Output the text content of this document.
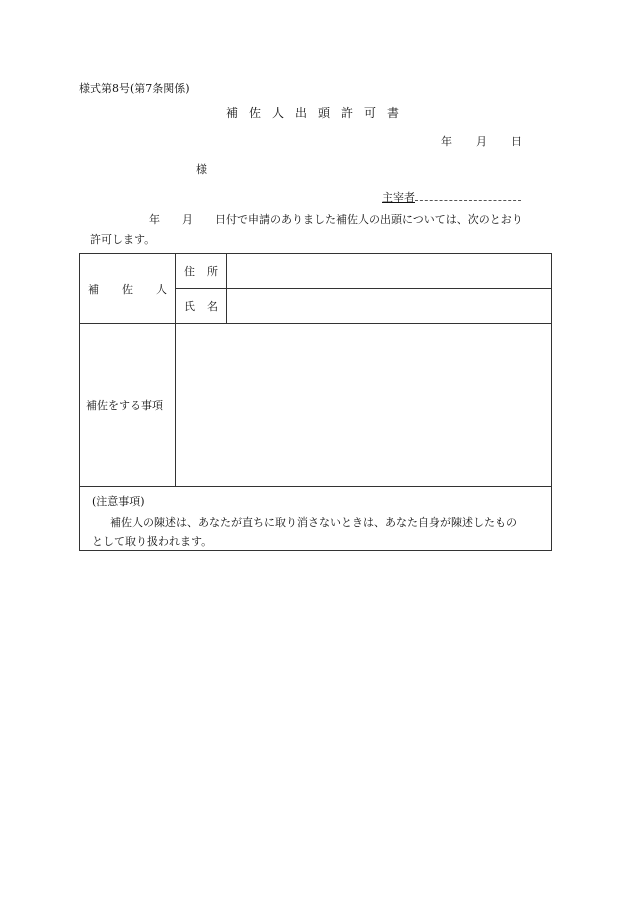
様式第8号(第7条関係)
補佐人出頭許可書
年 月 日
様
主宰者
年 月 日付で申請のありました補佐人の出頭については、次のとおり
許可します。
補 佐 人	住 所	

	氏 名	

補佐をする事項		

(注意事項)
補佐人の陳述は、あなたが直ちに取り消さないときは、あなた自身が陳述したもの
として取り扱われます。
